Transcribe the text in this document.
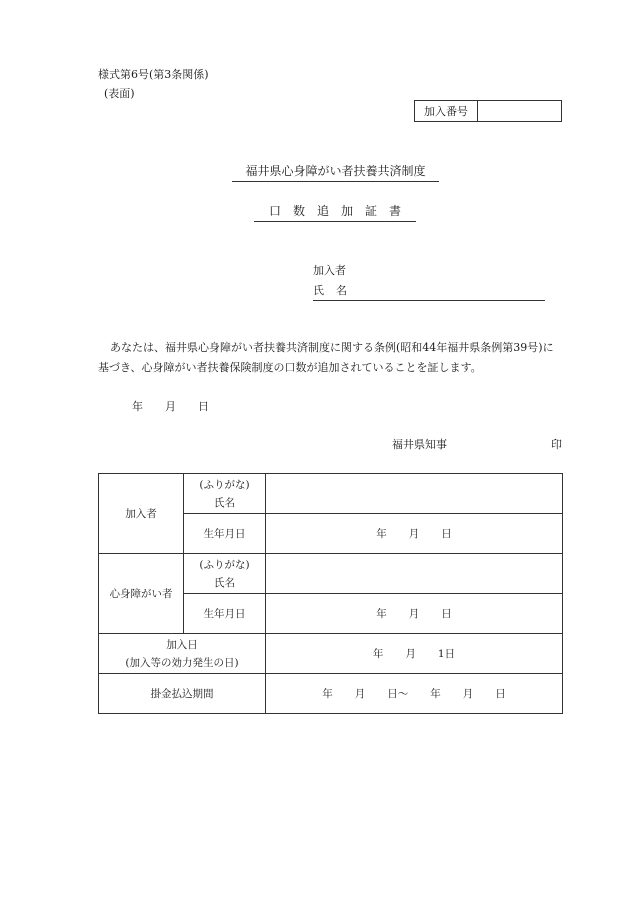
様式第6号(第3条関係)
(表面)
加入番号
福井県心身障がい者扶養共済制度
口 数 追 加 証 書
加入者
氏 名
あなたは、福井県心身障がい者扶養共済制度に関する条例(昭和44年福井県条例第39号)に基づき、心身障がい者扶養保険制度の口数が追加されていることを証します。
年 月 日
福井県知事	印
加入者	(ふりがな)
氏名	

	生年月日	年 月 日
心身障がい者	(ふりがな)
氏名	

	生年月日	年 月 日

加入日
(加入等の効力発生の日)		年 月 1日
掛金払込期間		年 月 日〜 年 月 日
